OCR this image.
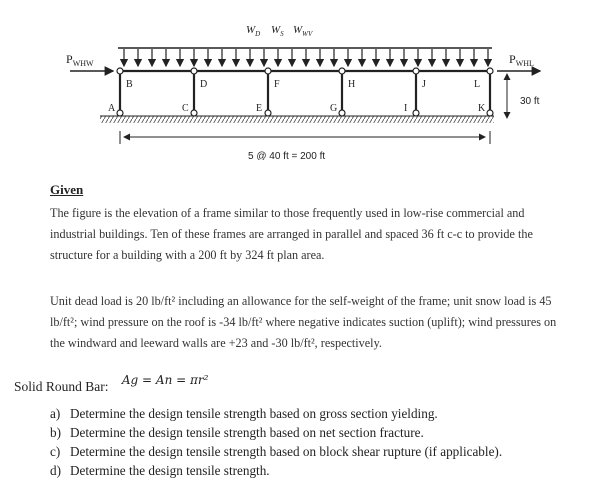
$W_D$ $W_S$ $W_{WV}$
$P_{WHW}$	$P_{WHL}$
30 ft
5 @ 40 ft = 200 ft
B	D	F	H	J	L
A	C	E	G	I	K
Given
The figure is the elevation of a frame similar to those frequently used in low-rise commercial and industrial buildings. Ten of these frames are arranged in parallel and spaced 36 ft c-c to provide the structure for a building with a 200 ft by 324 ft plan area.
Unit dead load is 20 lb/ft² including an allowance for the self-weight of the frame; unit snow load is 45 lb/ft²; wind pressure on the roof is -34 lb/ft² where negative indicates suction (uplift); wind pressures on the windward and leeward walls are +23 and -30 lb/ft², respectively.
Solid Round Bar: Ag = An = πr²
a) Determine the design tensile strength based on gross section yielding.
b) Determine the design tensile strength based on net section fracture.
c) Determine the design tensile strength based on block shear rupture (if applicable).
d) Determine the design tensile strength.
